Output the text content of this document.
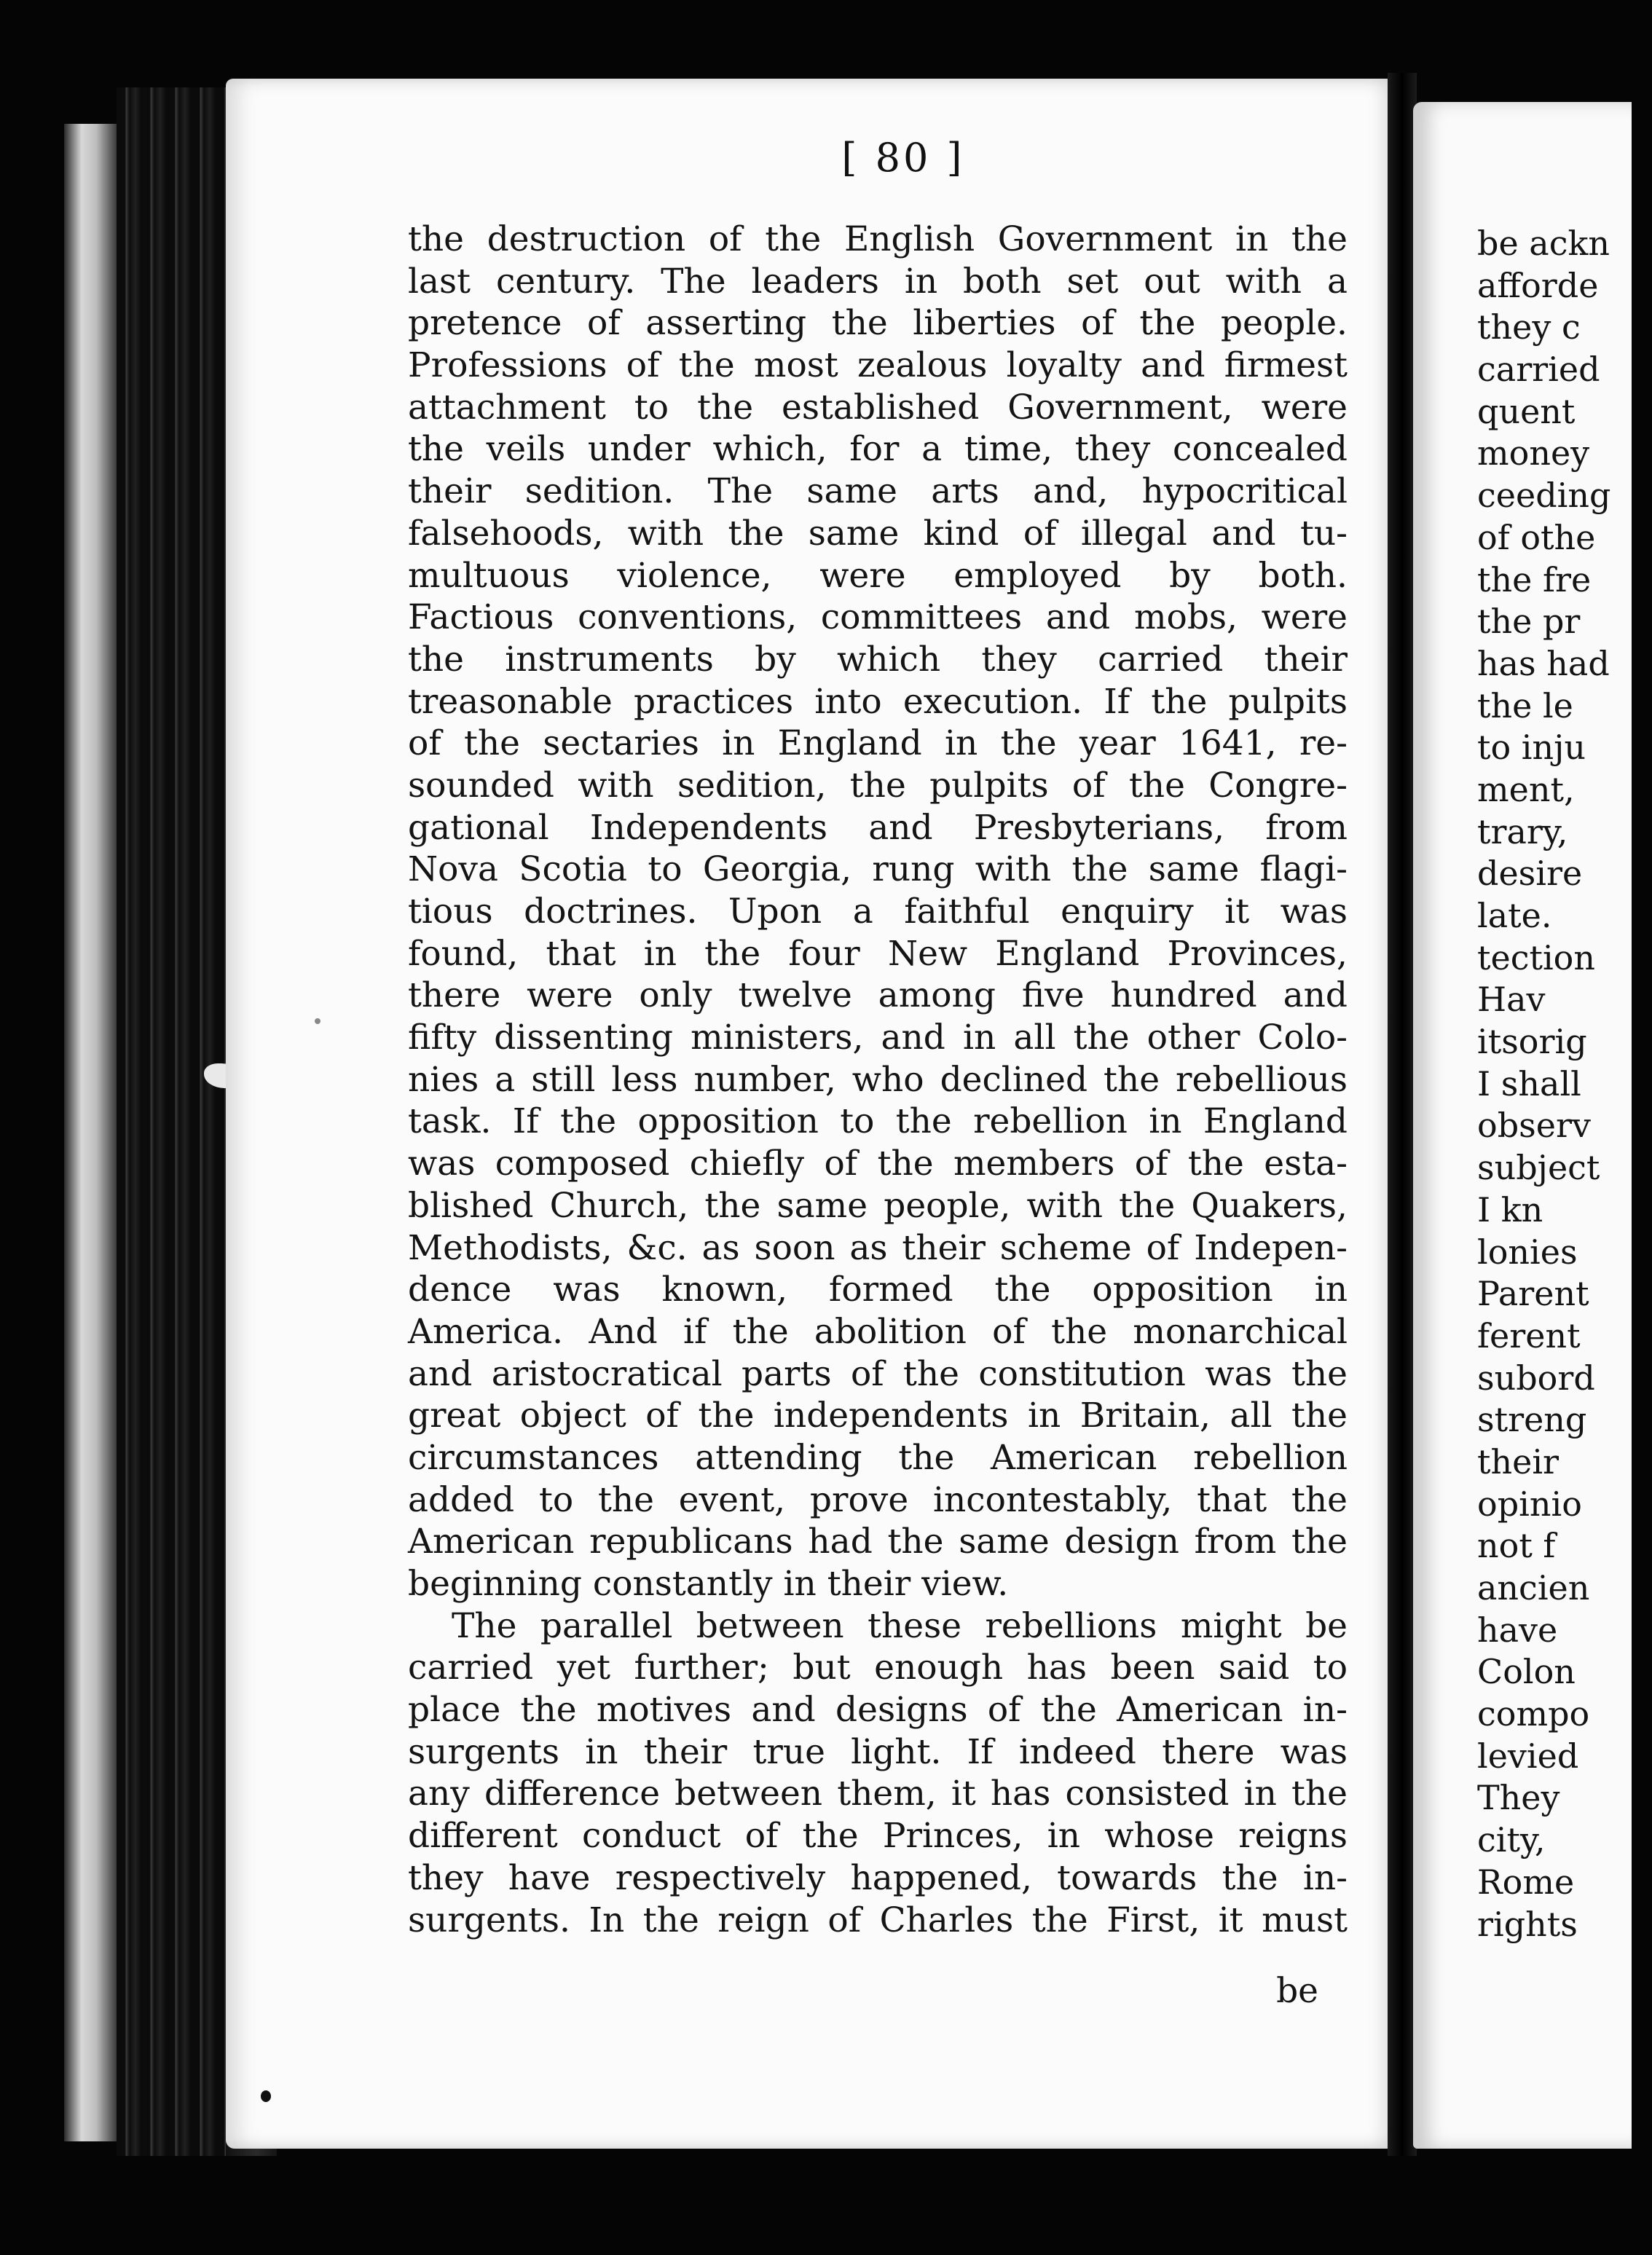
[ 80 ]
the destruction of the English Government in the
last century. The leaders in both set out with a
pretence of asserting the liberties of the people.
Professions of the most zealous loyalty and firmest
attachment to the established Government, were
the veils under which, for a time, they concealed
their sedition. The same arts and, hypocritical
falsehoods, with the same kind of illegal and tu-
multuous violence, were employed by both.
Factious conventions, committees and mobs, were
the instruments by which they carried their
treasonable practices into execution. If the pulpits
of the sectaries in England in the year 1641, re-
sounded with sedition, the pulpits of the Congre-
gational Independents and Presbyterians, from
Nova Scotia to Georgia, rung with the same flagi-
tious doctrines. Upon a faithful enquiry it was
found, that in the four New England Provinces,
there were only twelve among five hundred and
fifty dissenting ministers, and in all the other Colo-
nies a still less number, who declined the rebellious
task. If the opposition to the rebellion in England
was composed chiefly of the members of the esta-
blished Church, the same people, with the Quakers,
Methodists, &c. as soon as their scheme of Indepen-
dence was known, formed the opposition in
America. And if the abolition of the monarchical
and aristocratical parts of the constitution was the
great object of the independents in Britain, all the
circumstances attending the American rebellion
added to the event, prove incontestably, that the
American republicans had the same design from the
beginning constantly in their view.
The parallel between these rebellions might be
carried yet further; but enough has been said to
place the motives and designs of the American in-
surgents in their true light. If indeed there was
any difference between them, it has consisted in the
different conduct of the Princes, in whose reigns
they have respectively happened, towards the in-
surgents. In the reign of Charles the First, it must
be
be ackn
afforde
they c
carried
quent
money
ceeding
of othe
the fre
the pr
has had
the le
to inju
ment,
trary,
desire
late.
tection
Hav
itsorig
I shall
observ
subject
I kn
lonies
Parent
ferent
subord
streng
their
opinio
not f
ancien
have
Colon
compo
levied
They
city,
Rome
rights
